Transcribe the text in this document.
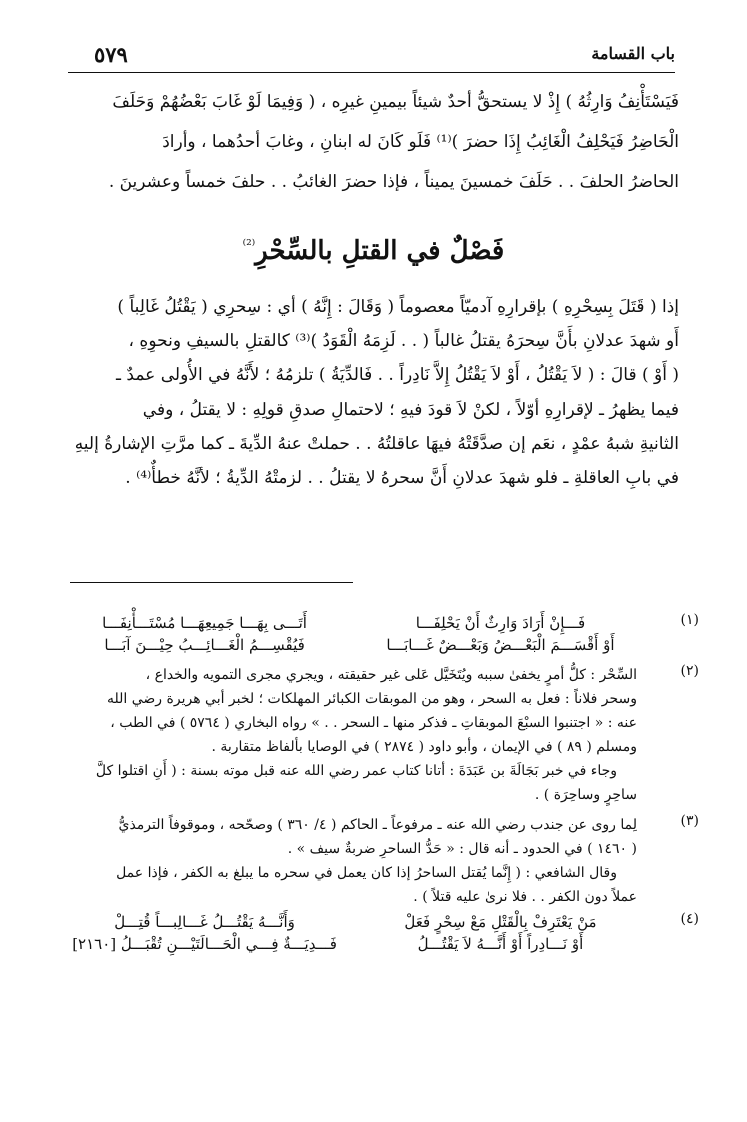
٥٧٩	باب القسامة

فَيَسْتَأْنِفُ وَارِثُهُ ) إِذْ لا يستحقُّ أحدٌ شيئاً بيمينِ غيرِه ، ( وَفِيمَا لَوْ غَابَ بَعْضُهُمْ وَحَلَفَ

الْحَاضِرُ فَيَحْلِفُ الْغَائِبُ إِذَا حضرَ )⁽¹⁾ فَلَو كَانَ له ابنانِ ، وغابَ أحدُهما ، وأرادَ

الحاضرُ الحلفَ . . حَلَفَ خمسينَ يميناً ، فإذا حضرَ الغائبُ . . حلفَ خمساً وعشرينَ .

فَصْلٌ في القتلِ بالسِّحْرِ$^{^{(2)}}$

إذا ( قَتَلَ بِسِحْرِهِ ) بإقرارِهِ آدميّاً معصوماً ( وَقَالَ : إِنَّهُ ) أي : سِحرِي ( يَقْتُلُ غَالِباً )

أَو شهدَ عدلانِ بأَنَّ سِحرَهُ يقتلُ غالباً ( . . لَزِمَهُ الْقَوَدُ )⁽³⁾ كالقتلِ بالسيفِ ونحوِهِ ،

( أَوْ ) قالَ : ( لاَ يَقْتُلُ ، أَوْ لاَ يَقْتُلُ إِلاَّ نَادِراً . . فَالدِّيَةُ ) تلزمُهُ ؛ لأَنَّهُ في الأُولى عمدٌ ـ

فيما يظهرُ ـ لإقرارِهِ أوّلاً ، لكنْ لاَ قودَ فيهِ ؛ لاحتمالِ صدقِ قولِهِ : لا يقتلُ ، وفي

الثانيةِ شبهُ عمْدٍ ، نعَم إن صدَّقَتْهُ فيهَا عاقلتُهُ . . حملتْ عنهُ الدِّيةَ ـ كما مرَّتِ الإشارةُ إليهِ

في بابِ العاقلةِ ـ فلو شهدَ عدلانِ أَنَّ سحرهُ لا يقتلُ . . لزمتْهُ الدِّيةُ ؛ لأنَّهُ خطأٌ⁽⁴⁾ .

(١)
فَـــإِنْ أَرَادَ وَارِثٌ أَنْ يَحْلِفَـــا
أَتَـــى بِهَـــا جَمِيعِهَـــا مُسْتَـــأْنِفَـــا
أَوْ أَقْسَـــمَ الْبَعْـــضُ وَبَعْـــضٌ غَـــابَـــا
فَيُقْسِـــمُ الْغَـــائِـــبُ حِيْـــنَ آبَـــا
(٢)

السِّحْر : كلُّ أمرٍ يخفىٰ سببه ويُتَخَيَّل عَلى غير حقيقته ، ويجري مجرى التمويه والخداع ،

وسحر فلاناً : فعل به السحر ، وهو من الموبقات الكبائر المهلكات ؛ لخبر أبي هريرة رضي الله

عنه : « اجتنبوا السبْعَ الموبقاتِ ـ فذكر منها ـ السحر . . » رواه البخاري ( ٥٧٦٤ ) في الطب ،

ومسلم ( ٨٩ ) في الإيمان ، وأبو داود ( ٢٨٧٤ ) في الوصايا بألفاظ متقاربة .

وجاء في خبر بَجَالَةَ بن عَبَدَةَ : أتانا كتاب عمر رضي الله عنه قبل موته بسنة : ( أَنِ اقتلوا كلَّ

ساحِرٍ وساحِرَة ) .

(٣)

لِما روى عن جندب رضي الله عنه ـ مرفوعاً ـ الحاكم ( ٤/ ٣٦٠ ) وصحّحه ، وموقوفاً الترمذيُّ

( ١٤٦٠ ) في الحدود ـ أنه قال : « حَدُّ الساحرِ ضربةٌ سيف » .

وقال الشافعي : ( إِنَّما يُقتل الساحرُ إذا كان يعمل في سحره ما يبلغ به الكفر ، فإذا عمل

عملاً دون الكفر . . فلا نرىٰ عليه قتلاً ) .

(٤)
مَنْ يَعْتَرِفْ بِالْقَتْلِ مَعْ سِحْرٍ فَعَلْ
وَأَنَّـــهُ يَقْتُـــلُ غَـــالِبـــاً قُتِـــلْ
أَوْ نَـــادِراً أَوْ أَنَّـــهُ لاَ يَقْتُـــلُ
فَـــدِيَـــةٌ فِـــي الْحَـــالَتَيْـــنِ تُقْبَـــلُ [٢١٦٠]
